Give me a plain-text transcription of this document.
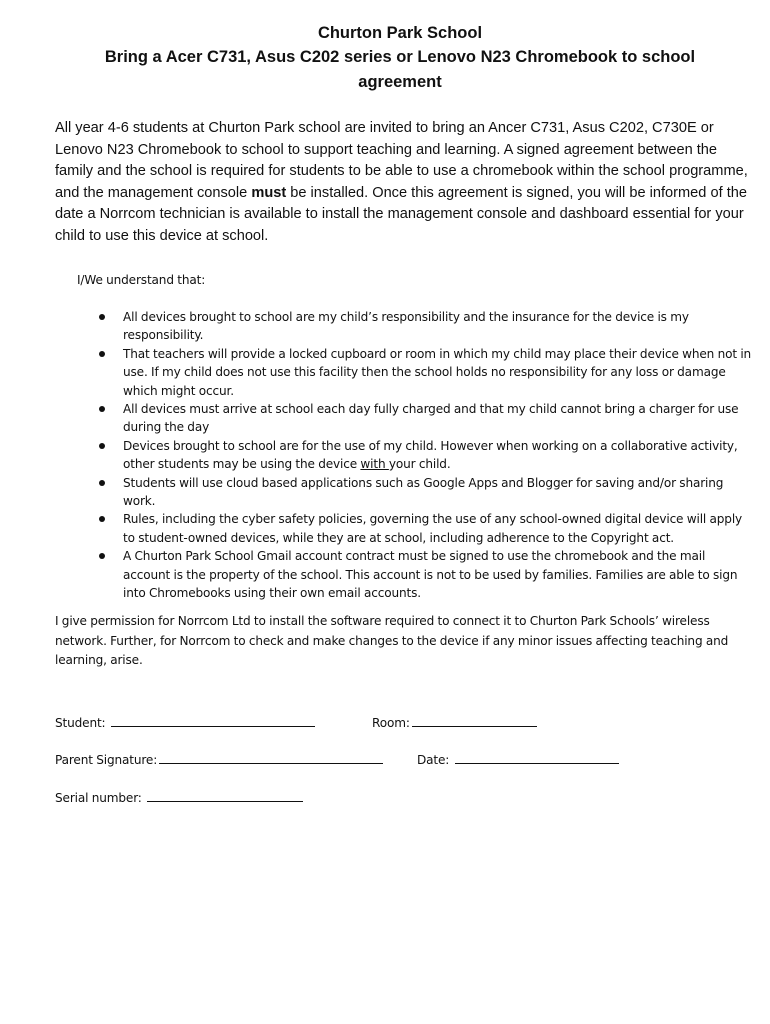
Churton Park School
Bring a Acer C731, Asus C202 series or Lenovo N23 Chromebook to school
agreement

All year 4-6 students at Churton Park school are invited to bring an Ancer C731, Asus C202, C730E or Lenovo N23 Chromebook to school to support teaching and learning. A signed agreement between the family and the school is required for students to be able to use a chromebook within the school programme, and the management console must be installed. Once this agreement is signed, you will be informed of the date a Norrcom technician is available to install the management console and dashboard essential for your child to use this device at school.

I/We understand that:

All devices brought to school are my child’s responsibility and the insurance for the device is my responsibility.
That teachers will provide a locked cupboard or room in which my child may place their device when not in use. If my child does not use this facility then the school holds no responsibility for any loss or damage which might occur.
All devices must arrive at school each day fully charged and that my child cannot bring a charger for use during the day
Devices brought to school are for the use of my child. However when working on a collaborative activity, other students may be using the device with your child.
Students will use cloud based applications such as Google Apps and Blogger for saving and/or sharing work.
Rules, including the cyber safety policies, governing the use of any school-owned digital device will apply to student-owned devices, while they are at school, including adherence to the Copyright act.
A Churton Park School Gmail account contract must be signed to use the chromebook and the mail account is the property of the school. This account is not to be used by families. Families are able to sign into Chromebooks using their own email accounts.

I give permission for Norrcom Ltd to install the software required to connect it to Churton Park Schools’ wireless network. Further, for Norrcom to check and make changes to the device if any minor issues affecting teaching and learning, arise.

Student:	Room:
Parent Signature:	Date:
Serial number:
